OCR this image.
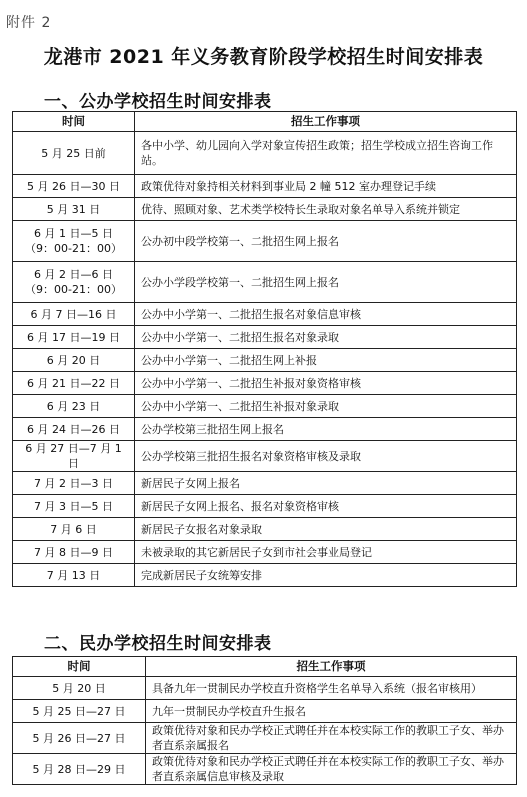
附件 2
龙港市 2021 年义务教育阶段学校招生时间安排表
一、公办学校招生时间安排表
时间	招生工作事项

5 月 25 日前	各中小学、幼儿园向入学对象宣传招生政策；招生学校成立招生咨询工作站。

5 月 26 日—30 日	政策优待对象持相关材料到事业局 2 幢 512 室办理登记手续

5 月 31 日	优待、照顾对象、艺术类学校特长生录取对象名单导入系统并锁定

6 月 1 日—5 日
（9：00-21：00）	公办初中段学校第一、二批招生网上报名

6 月 2 日—6 日
（9：00-21：00）	公办小学段学校第一、二批招生网上报名

6 月 7 日—16 日	公办中小学第一、二批招生报名对象信息审核

6 月 17 日—19 日	公办中小学第一、二批招生报名对象录取

6 月 20 日	公办中小学第一、二批招生网上补报

6 月 21 日—22 日	公办中小学第一、二批招生补报对象资格审核

6 月 23 日	公办中小学第一、二批招生补报对象录取

6 月 24 日—26 日	公办学校第三批招生网上报名

6 月 27 日—7 月 1 日	公办学校第三批招生报名对象资格审核及录取

7 月 2 日—3 日	新居民子女网上报名

7 月 3 日—5 日	新居民子女网上报名、报名对象资格审核

7 月 6 日	新居民子女报名对象录取

7 月 8 日—9 日	未被录取的其它新居民子女到市社会事业局登记

7 月 13 日	完成新居民子女统筹安排
二、民办学校招生时间安排表
时间	招生工作事项

5 月 20 日	具备九年一贯制民办学校直升资格学生名单导入系统（报名审核用）

5 月 25 日—27 日	九年一贯制民办学校直升生报名

5 月 26 日—27 日	政策优待对象和民办学校正式聘任并在本校实际工作的教职工子女、举办者直系亲属报名

5 月 28 日—29 日	政策优待对象和民办学校正式聘任并在本校实际工作的教职工子女、举办者直系亲属信息审核及录取
